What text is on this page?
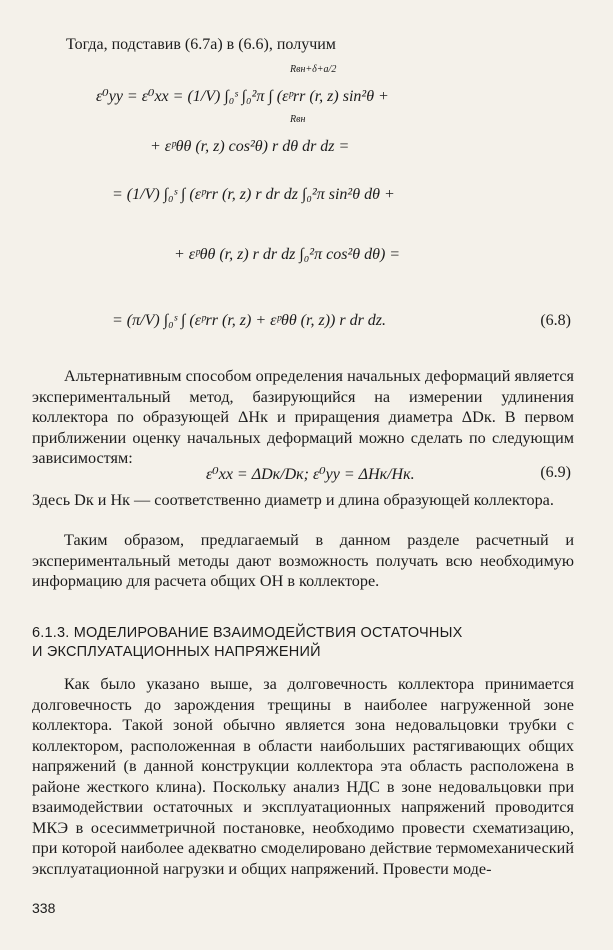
Тогда, подставив (6.7а) в (6.6), получим
ε⁰yy = ε⁰xx = (1/V) ∫₀ˢ ∫₀²π ∫ (εᵖrr (r, z) sin²θ +
+ εᵖθθ (r, z) cos²θ) r dθ dr dz =
= (1/V) ∫₀ˢ ∫ (εᵖrr (r, z) r dr dz ∫₀²π sin²θ dθ +
+ εᵖθθ (r, z) r dr dz ∫₀²π cos²θ dθ) =
= (π/V) ∫₀ˢ ∫ (εᵖrr (r, z) + εᵖθθ (r, z)) r dr dz.
Rвн+δ+a/2
Rвн
(6.8)
Альтернативным способом определения начальных деформаций является экспериментальный метод, базирующийся на измерении удлинения коллектора по образующей ΔHк и приращения диаметра ΔDк. В первом приближении оценку начальных деформаций можно сделать по следующим зависимостям:
ε⁰xx = ΔDк/Dк; ε⁰yy = ΔHк/Hк.	(6.9)
Здесь Dк и Hк — соответственно диаметр и длина образующей коллектора.
Таким образом, предлагаемый в данном разделе расчетный и экспериментальный методы дают возможность получать всю необходимую информацию для расчета общих ОН в коллекторе.
6.1.3. МОДЕЛИРОВАНИЕ ВЗАИМОДЕЙСТВИЯ ОСТАТОЧНЫХ
И ЭКСПЛУАТАЦИОННЫХ НАПРЯЖЕНИЙ
Как было указано выше, за долговечность коллектора принимается долговечность до зарождения трещины в наиболее нагруженной зоне коллектора. Такой зоной обычно является зона недовальцовки трубки с коллектором, расположенная в области наибольших растягивающих общих напряжений (в данной конструкции коллектора эта область расположена в районе жесткого клина). Поскольку анализ НДС в зоне недовальцовки при взаимодействии остаточных и эксплуатационных напряжений проводится МКЭ в осесимметричной постановке, необходимо провести схематизацию, при которой наиболее адекватно смоделировано действие термомеханический эксплуатационной нагрузки и общих напряжений. Провести моде-
338
